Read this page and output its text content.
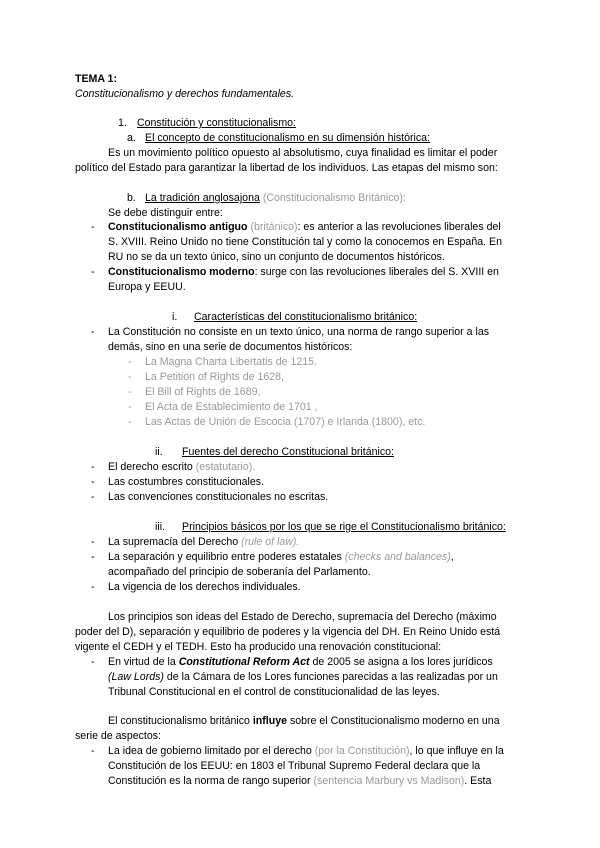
TEMA 1:
Constitucionalismo y derechos fundamentales.
1. Constitución y constitucionalismo:
a. El concepto de constitucionalismo en su dimensión histórica:
Es un movimiento político opuesto al absolutismo, cuya finalidad es limitar el poder
político del Estado para garantizar la libertad de los individuos. Las etapas del mismo son:
b. La tradición anglosajona (Constitucionalismo Británico):
Se debe distinguir entre:
- Constitucionalismo antiguo (británico): es anterior a las revoluciones liberales del
S. XVIII. Reino Unido no tiene Constitución tal y como la conocemos en España. En
RU no se da un texto único, sino un conjunto de documentos históricos.
- Constitucionalismo moderno: surge con las revoluciones liberales del S. XVIII en
Europa y EEUU.
i. Características del constitucionalismo británico:
- La Constitución no consiste en un texto único, una norma de rango superior a las
demás, sino en una serie de documentos históricos:
- La Magna Charta Libertatis de 1215.
- La Petition of Rights de 1628,
- El Bill of Rights de 1689,
- El Acta de Establecimiento de 1701 ,
- Las Actas de Unión de Escocia (1707) e Irlanda (1800), etc.
ii. Fuentes del derecho Constitucional británico:
- El derecho escrito (estatutario).
- Las costumbres constitucionales.
- Las convenciones constitucionales no escritas.
iii. Principios básicos por los que se rige el Constitucionalismo británico:
- La supremacía del Derecho (rule of law).
- La separación y equilibrio entre poderes estatales (checks and balances),
acompañado del principio de soberanía del Parlamento.
- La vigencia de los derechos individuales.
Los principios son ideas del Estado de Derecho, supremacía del Derecho (máximo
poder del D), separación y equilibrio de poderes y la vigencia del DH. En Reino Unido está
vigente el CEDH y el TEDH. Esto ha producido una renovación constitucional:
- En virtud de la Constitutional Reform Act de 2005 se asigna a los lores jurídicos
(Law Lords) de la Cámara de los Lores funciones parecidas a las realizadas por un
Tribunal Constitucional en el control de constitucionalidad de las leyes.
El constitucionalismo británico influye sobre el Constitucionalismo moderno en una
serie de aspectos:
- La idea de gobierno limitado por el derecho (por la Constitución), lo que influye en la
Constitución de los EEUU: en 1803 el Tribunal Supremo Federal declara que la
Constitución es la norma de rango superior (sentencia Marbury vs Madison). Esta
